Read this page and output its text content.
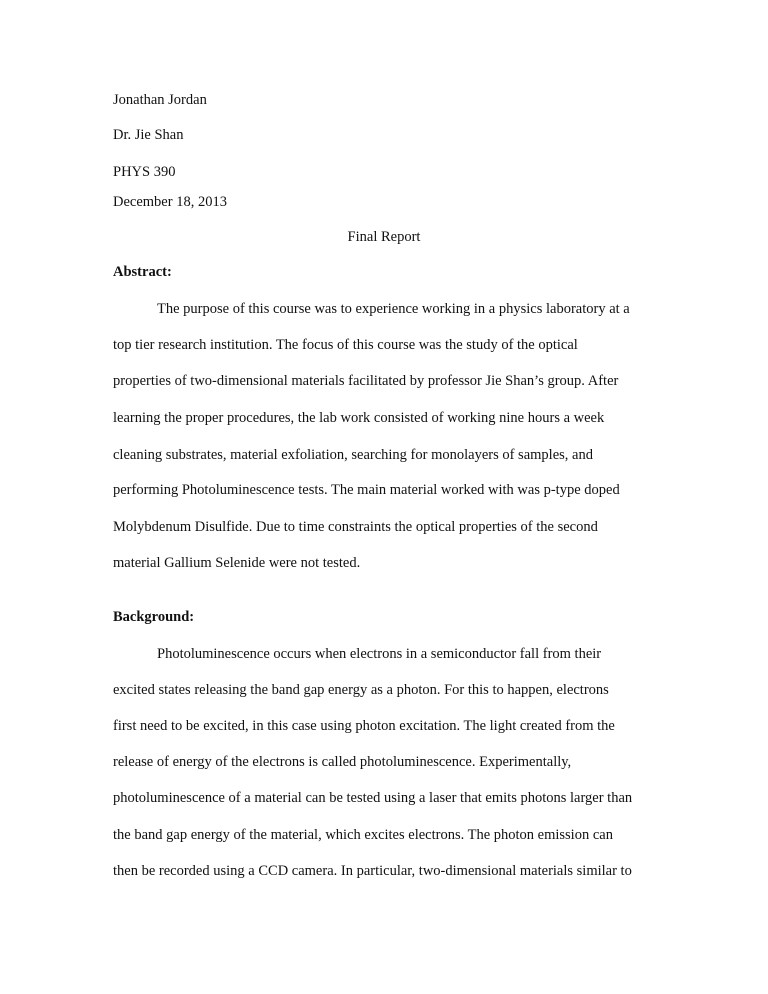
Jonathan Jordan
Dr. Jie Shan
PHYS 390
December 18, 2013
Final Report
Abstract:
The purpose of this course was to experience working in a physics laboratory at a
top tier research institution. The focus of this course was the study of the optical
properties of two-dimensional materials facilitated by professor Jie Shan’s group. After
learning the proper procedures, the lab work consisted of working nine hours a week
cleaning substrates, material exfoliation, searching for monolayers of samples, and
performing Photoluminescence tests. The main material worked with was p-type doped
Molybdenum Disulfide. Due to time constraints the optical properties of the second
material Gallium Selenide were not tested.
Background:
Photoluminescence occurs when electrons in a semiconductor fall from their
excited states releasing the band gap energy as a photon. For this to happen, electrons
first need to be excited, in this case using photon excitation. The light created from the
release of energy of the electrons is called photoluminescence. Experimentally,
photoluminescence of a material can be tested using a laser that emits photons larger than
the band gap energy of the material, which excites electrons. The photon emission can
then be recorded using a CCD camera. In particular, two-dimensional materials similar to
